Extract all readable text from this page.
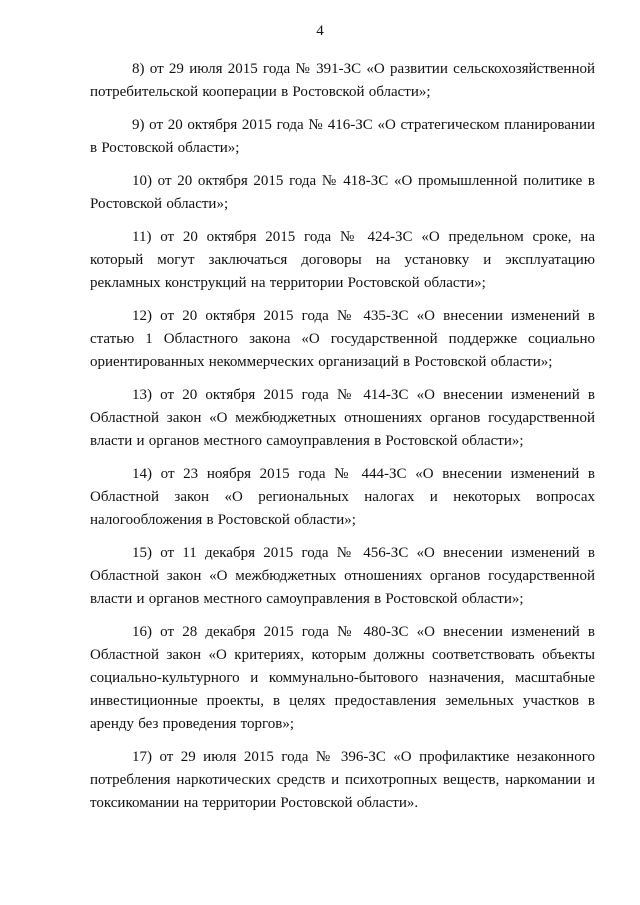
4

8) от 29 июля 2015 года № 391-ЗС «О развитии сельскохозяйственной потребительской кооперации в Ростовской области»;

9) от 20 октября 2015 года № 416-ЗС «О стратегическом планировании в Ростовской области»;

10) от 20 октября 2015 года № 418-ЗС «О промышленной политике в Ростовской области»;

11) от 20 октября 2015 года № 424-ЗС «О предельном сроке, на который могут заключаться договоры на установку и эксплуатацию рекламных конструкций на территории Ростовской области»;

12) от 20 октября 2015 года № 435-ЗС «О внесении изменений в статью 1 Областного закона «О государственной поддержке социально ориентированных некоммерческих организаций в Ростовской области»;

13) от 20 октября 2015 года № 414-ЗС «О внесении изменений в Областной закон «О межбюджетных отношениях органов государственной власти и органов местного самоуправления в Ростовской области»;

14) от 23 ноября 2015 года № 444-ЗС «О внесении изменений в Областной закон «О региональных налогах и некоторых вопросах налогообложения в Ростовской области»;

15) от 11 декабря 2015 года № 456-ЗС «О внесении изменений в Областной закон «О межбюджетных отношениях органов государственной власти и органов местного самоуправления в Ростовской области»;

16) от 28 декабря 2015 года № 480-ЗС «О внесении изменений в Областной закон «О критериях, которым должны соответствовать объекты социально-культурного и коммунально-бытового назначения, масштабные инвестиционные проекты, в целях предоставления земельных участков в аренду без проведения торгов»;

17) от 29 июля 2015 года № 396-ЗС «О профилактике незаконного потребления наркотических средств и психотропных веществ, наркомании и токсикомании на территории Ростовской области».
